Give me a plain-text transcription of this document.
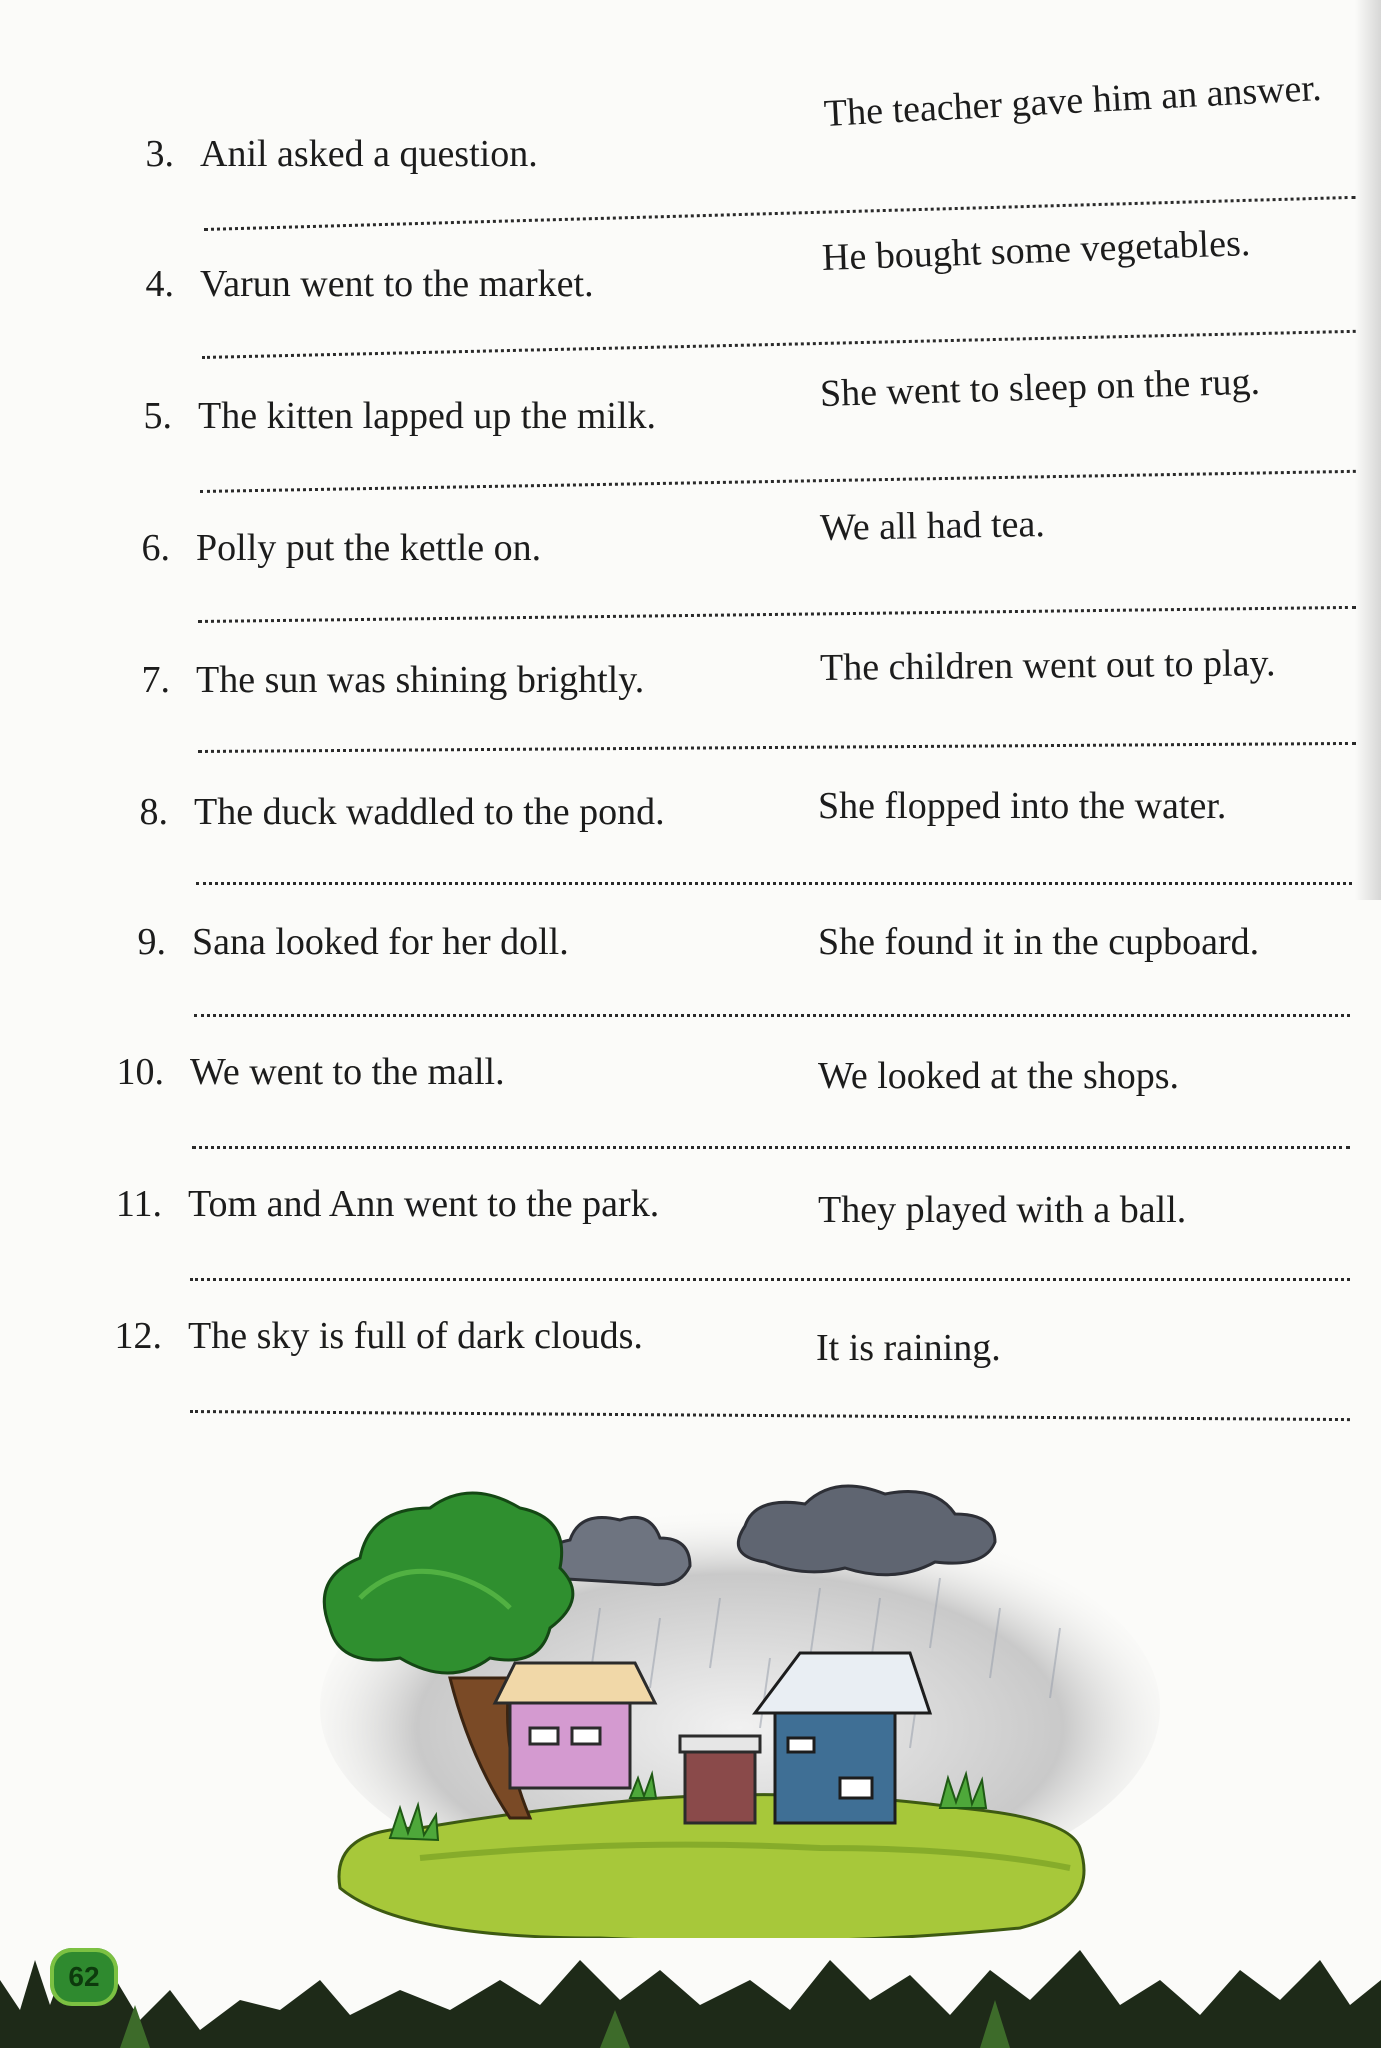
3. Anil asked a question.
The teacher gave him an answer.
4. Varun went to the market.
He bought some vegetables.
5. The kitten lapped up the milk.
She went to sleep on the rug.
6. Polly put the kettle on.	We all had tea.
7. The sun was shining brightly.	The children went out to play.
8. The duck waddled to the pond.	She flopped into the water.
9. Sana looked for her doll.	She found it in the cupboard.
10. We went to the mall.	We looked at the shops.
11. Tom and Ann went to the park.	They played with a ball.
12. The sky is full of dark clouds.	It is raining.
62
